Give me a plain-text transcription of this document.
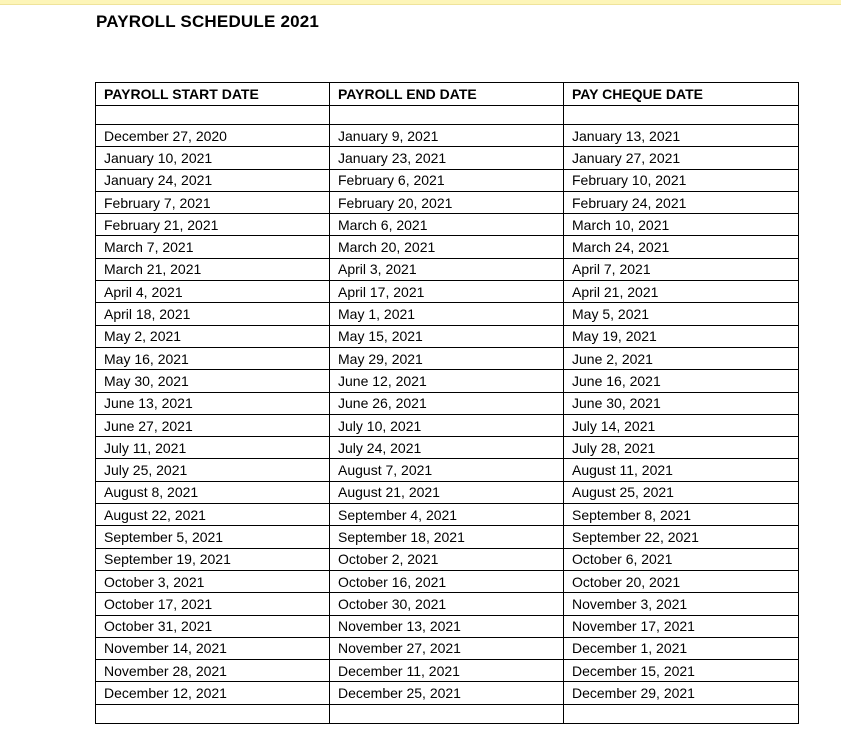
PAYROLL SCHEDULE 2021
PAYROLL START DATE	PAYROLL END DATE	PAY CHEQUE DATE

December 27, 2020	January 9, 2021	January 13, 2021
January 10, 2021	January 23, 2021	January 27, 2021
January 24, 2021	February 6, 2021	February 10, 2021
February 7, 2021	February 20, 2021	February 24, 2021
February 21, 2021	March 6, 2021	March 10, 2021
March 7, 2021	March 20, 2021	March 24, 2021
March 21, 2021	April 3, 2021	April 7, 2021
April 4, 2021	April 17, 2021	April 21, 2021
April 18, 2021	May 1, 2021	May 5, 2021
May 2, 2021	May 15, 2021	May 19, 2021
May 16, 2021	May 29, 2021	June 2, 2021
May 30, 2021	June 12, 2021	June 16, 2021
June 13, 2021	June 26, 2021	June 30, 2021
June 27, 2021	July 10, 2021	July 14, 2021
July 11, 2021	July 24, 2021	July 28, 2021
July 25, 2021	August 7, 2021	August 11, 2021
August 8, 2021	August 21, 2021	August 25, 2021
August 22, 2021	September 4, 2021	September 8, 2021
September 5, 2021	September 18, 2021	September 22, 2021
September 19, 2021	October 2, 2021	October 6, 2021
October 3, 2021	October 16, 2021	October 20, 2021
October 17, 2021	October 30, 2021	November 3, 2021
October 31, 2021	November 13, 2021	November 17, 2021
November 14, 2021	November 27, 2021	December 1, 2021
November 28, 2021	December 11, 2021	December 15, 2021
December 12, 2021	December 25, 2021	December 29, 2021
